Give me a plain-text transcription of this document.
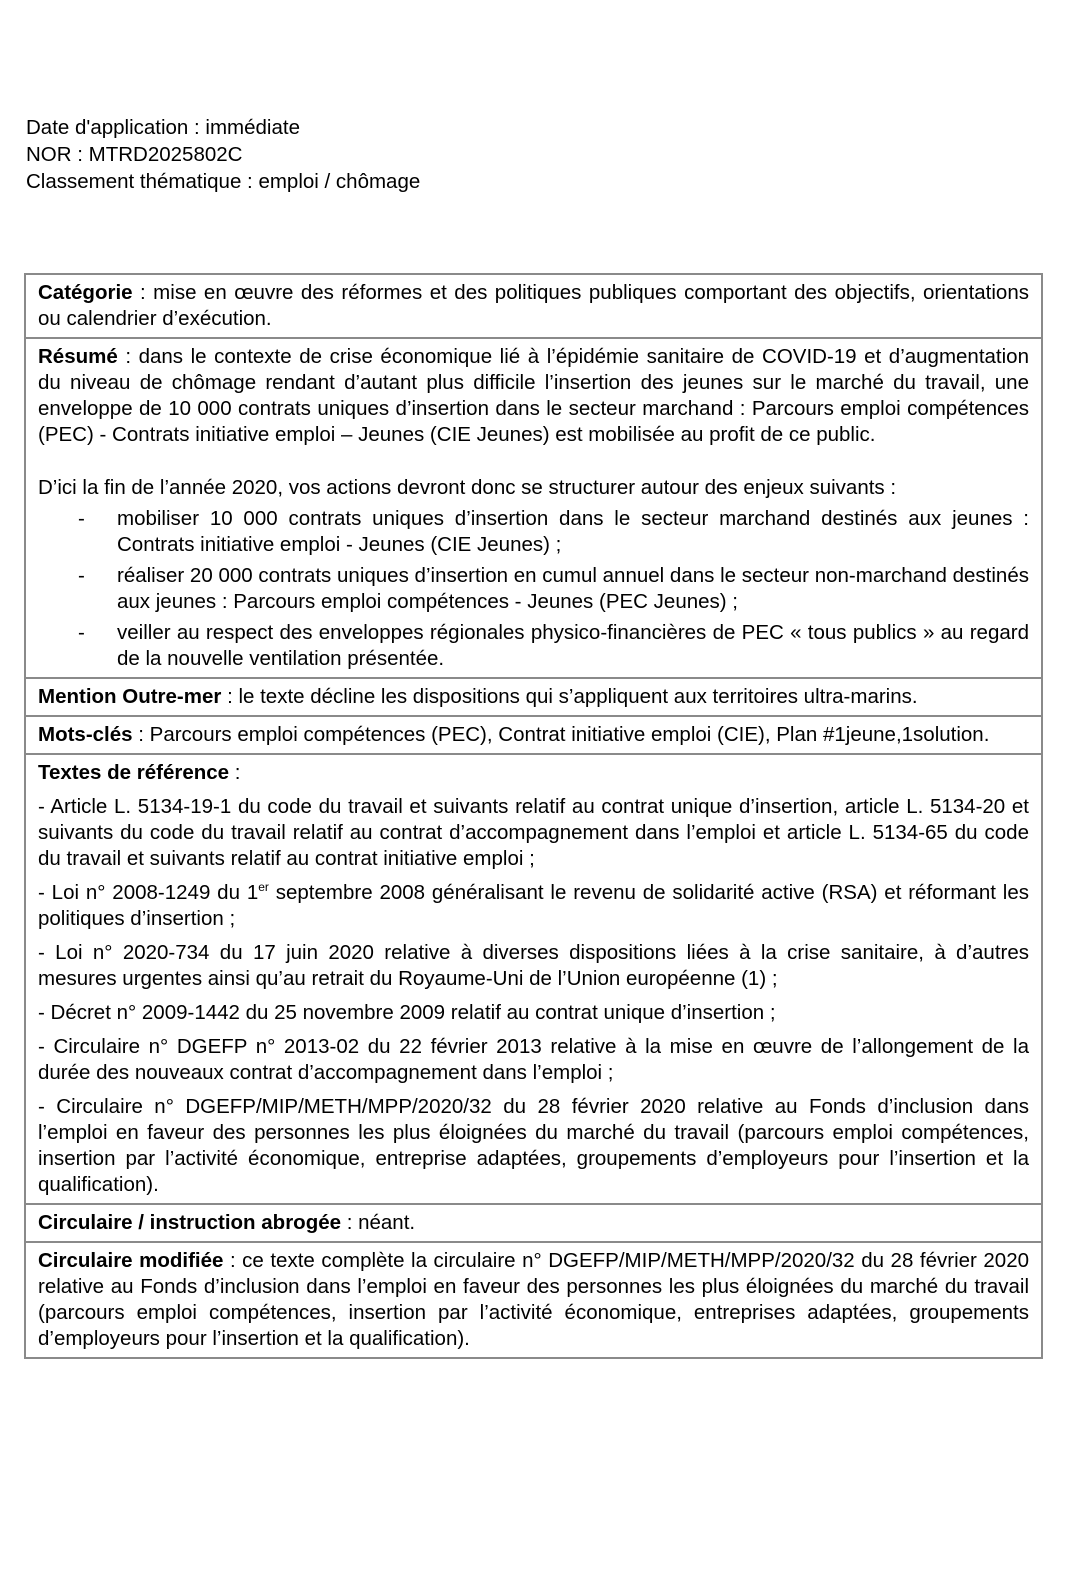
Date d'application : immédiate
NOR : MTRD2025802C
Classement thématique : emploi / chômage

Catégorie : mise en œuvre des réformes et des politiques publiques comportant des objectifs, orientations ou calendrier d’exécution.

Résumé : dans le contexte de crise économique lié à l’épidémie sanitaire de COVID-19 et d’augmentation du niveau de chômage rendant d’autant plus difficile l’insertion des jeunes sur le marché du travail, une enveloppe de 10 000 contrats uniques d’insertion dans le secteur marchand : Parcours emploi compétences (PEC) - Contrats initiative emploi – Jeunes (CIE Jeunes) est mobilisée au profit de ce public.

D’ici la fin de l’année 2020, vos actions devront donc se structurer autour des enjeux suivants :

- mobiliser 10 000 contrats uniques d’insertion dans le secteur marchand destinés aux jeunes : Contrats initiative emploi - Jeunes (CIE Jeunes) ;
- réaliser 20 000 contrats uniques d’insertion en cumul annuel dans le secteur non-marchand destinés aux jeunes : Parcours emploi compétences - Jeunes (PEC Jeunes) ;
- veiller au respect des enveloppes régionales physico-financières de PEC « tous publics » au regard de la nouvelle ventilation présentée.

Mention Outre-mer : le texte décline les dispositions qui s’appliquent aux territoires ultra-marins.

Mots-clés : Parcours emploi compétences (PEC), Contrat initiative emploi (CIE), Plan #1jeune,1solution.

Textes de référence :

- Article L. 5134-19-1 du code du travail et suivants relatif au contrat unique d’insertion, article L. 5134-20 et suivants du code du travail relatif au contrat d’accompagnement dans l’emploi et article L. 5134-65 du code du travail et suivants relatif au contrat initiative emploi ;

- Loi n° 2008-1249 du 1er septembre 2008 généralisant le revenu de solidarité active (RSA) et réformant les politiques d’insertion ;

- Loi n° 2020-734 du 17 juin 2020 relative à diverses dispositions liées à la crise sanitaire, à d’autres mesures urgentes ainsi qu’au retrait du Royaume-Uni de l’Union européenne (1) ;

- Décret n° 2009-1442 du 25 novembre 2009 relatif au contrat unique d’insertion ;

- Circulaire n° DGEFP n° 2013-02 du 22 février 2013 relative à la mise en œuvre de l’allongement de la durée des nouveaux contrat d’accompagnement dans l’emploi ;

- Circulaire n° DGEFP/MIP/METH/MPP/2020/32 du 28 février 2020 relative au Fonds d’inclusion dans l’emploi en faveur des personnes les plus éloignées du marché du travail (parcours emploi compétences, insertion par l’activité économique, entreprise adaptées, groupements d’employeurs pour l’insertion et la qualification).

Circulaire / instruction abrogée : néant.

Circulaire modifiée : ce texte complète la circulaire n° DGEFP/MIP/METH/MPP/2020/32 du 28 février 2020 relative au Fonds d’inclusion dans l’emploi en faveur des personnes les plus éloignées du marché du travail (parcours emploi compétences, insertion par l’activité économique, entreprises adaptées, groupements d’employeurs pour l’insertion et la qualification).
